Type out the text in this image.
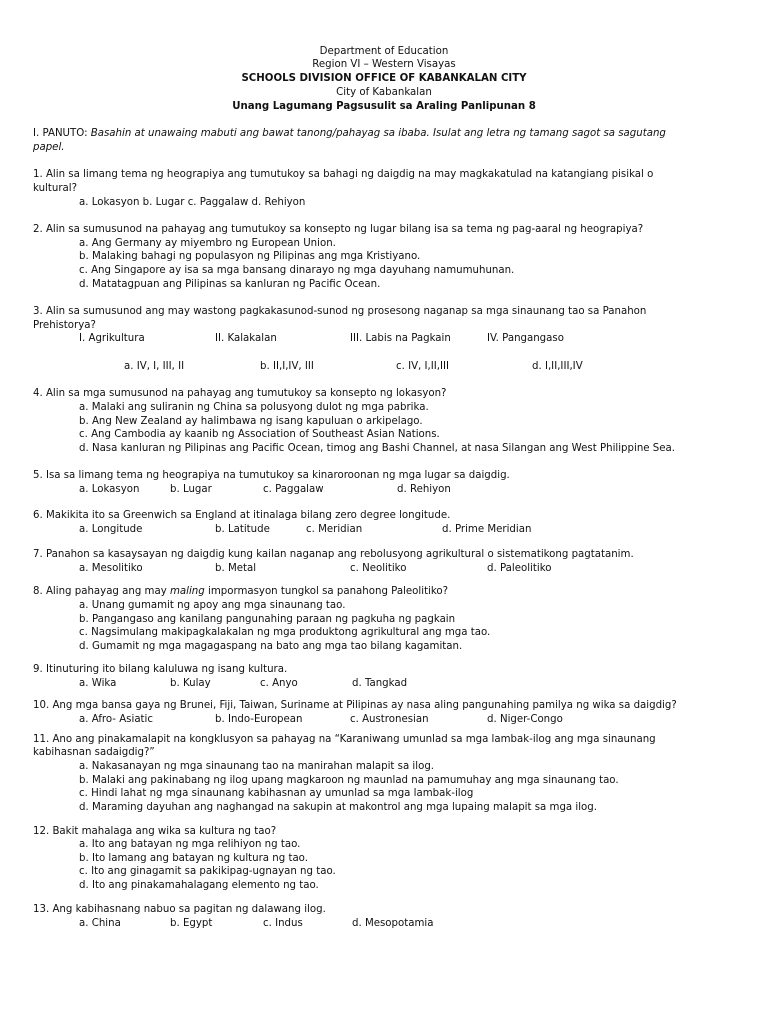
Department of Education
Region VI – Western Visayas
SCHOOLS DIVISION OFFICE OF KABANKALAN CITY
City of Kabankalan
Unang Lagumang Pagsusulit sa Araling Panlipunan 8
I. PANUTO: Basahin at unawaing mabuti ang bawat tanong/pahayag sa ibaba. Isulat ang letra ng tamang sagot sa sagutang
papel.
1. Alin sa limang tema ng heograpiya ang tumutukoy sa bahagi ng daigdig na may magkakatulad na katangiang pisikal o
kultural?
a. Lokasyon b. Lugar c. Paggalaw d. Rehiyon
2. Alin sa sumusunod na pahayag ang tumutukoy sa konsepto ng lugar bilang isa sa tema ng pag-aaral ng heograpiya?
a. Ang Germany ay miyembro ng European Union.
b. Malaking bahagi ng populasyon ng Pilipinas ang mga Kristiyano.
c. Ang Singapore ay isa sa mga bansang dinarayo ng mga dayuhang namumuhunan.
d. Matatagpuan ang Pilipinas sa kanluran ng Pacific Ocean.
3. Alin sa sumusunod ang may wastong pagkakasunod-sunod ng prosesong naganap sa mga sinaunang tao sa Panahon
Prehistorya?
I. Agrikultura	II. Kalakalan	III. Labis na Pagkain	IV. Pangangaso
a. IV, I, III, II	b. II,I,IV, III	c. IV, I,II,III	d. I,II,III,IV
4. Alin sa mga sumusunod na pahayag ang tumutukoy sa konsepto ng lokasyon?
a. Malaki ang suliranin ng China sa polusyong dulot ng mga pabrika.
b. Ang New Zealand ay halimbawa ng isang kapuluan o arkipelago.
c. Ang Cambodia ay kaanib ng Association of Southeast Asian Nations.
d. Nasa kanluran ng Pilipinas ang Pacific Ocean, timog ang Bashi Channel, at nasa Silangan ang West Philippine Sea.
5. Isa sa limang tema ng heograpiya na tumutukoy sa kinaroroonan ng mga lugar sa daigdig.
a. Lokasyon	b. Lugar	c. Paggalaw	d. Rehiyon
6. Makikita ito sa Greenwich sa England at itinalaga bilang zero degree longitude.
a. Longitude	b. Latitude	c. Meridian	d. Prime Meridian
7. Panahon sa kasaysayan ng daigdig kung kailan naganap ang rebolusyong agrikultural o sistematikong pagtatanim.
a. Mesolitiko	b. Metal	c. Neolitiko	d. Paleolitiko
8. Aling pahayag ang may maling impormasyon tungkol sa panahong Paleolitiko?
a. Unang gumamit ng apoy ang mga sinaunang tao.
b. Pangangaso ang kanilang pangunahing paraan ng pagkuha ng pagkain
c. Nagsimulang makipagkalakalan ng mga produktong agrikultural ang mga tao.
d. Gumamit ng mga magagaspang na bato ang mga tao bilang kagamitan.
9. Itinuturing ito bilang kaluluwa ng isang kultura.
a. Wika	b. Kulay	c. Anyo	d. Tangkad
10. Ang mga bansa gaya ng Brunei, Fiji, Taiwan, Suriname at Pilipinas ay nasa aling pangunahing pamilya ng wika sa daigdig?
a. Afro- Asiatic	b. Indo-European	c. Austronesian	d. Niger-Congo
11. Ano ang pinakamalapit na kongklusyon sa pahayag na “Karaniwang umunlad sa mga lambak-ilog ang mga sinaunang
kabihasnan sadaigdig?”
a. Nakasanayan ng mga sinaunang tao na manirahan malapit sa ilog.
b. Malaki ang pakinabang ng ilog upang magkaroon ng maunlad na pamumuhay ang mga sinaunang tao.
c. Hindi lahat ng mga sinaunang kabihasnan ay umunlad sa mga lambak-ilog
d. Maraming dayuhan ang naghangad na sakupin at makontrol ang mga lupaing malapit sa mga ilog.
12. Bakit mahalaga ang wika sa kultura ng tao?
a. Ito ang batayan ng mga relihiyon ng tao.
b. Ito lamang ang batayan ng kultura ng tao.
c. Ito ang ginagamit sa pakikipag-ugnayan ng tao.
d. Ito ang pinakamahalagang elemento ng tao.
13. Ang kabihasnang nabuo sa pagitan ng dalawang ilog.
a. China	b. Egypt	c. Indus	d. Mesopotamia
